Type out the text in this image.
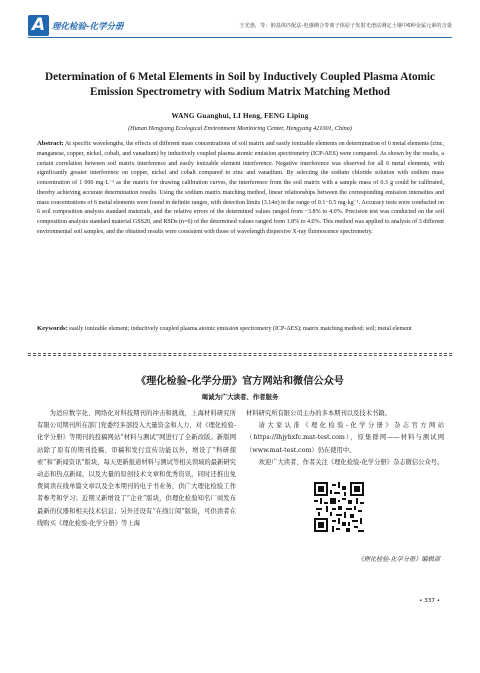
A 理化检验-化学分册	王光惠，等：钠基体匹配法-电感耦合等离子体原子发射光谱法测定土壤中6种金属元素的含量
Determination of 6 Metal Elements in Soil by Inductively Coupled Plasma Atomic Emission Spectrometry with Sodium Matrix Matching Method
WANG Guanghui, LI Heng, FENG Liping
(Hunan Hengyang Ecological Environment Monitoring Center, Hengyang 421001, China)
Abstract: At specific wavelengths, the effects of different mass concentrations of soil matrix and easily ionizable elements on determination of 6 metal elements (zinc, manganese, copper, nickel, cobalt, and vanadium) by inductively coupled plasma atomic emission spectrometry (ICP-AES) were compared. As shown by the results, a certain correlation between soil matrix interference and easily ionizable element interference. Negative interference was observed for all 6 metal elements, with significantly greater interference on copper, nickel and cobalt compared to zinc and vanadium. By selecting the sodium chloride solution with sodium mass concentration of 1 000 mg·L⁻¹ as the matrix for drawing calibration curves, the interference from the soil matrix with a sample mass of 0.3 g could be calibrated, thereby achieving accurate determination results. Using the sodium matrix matching method, linear relationships between the corresponding emission intensities and mass concentrations of 6 metal elements were found in definite ranges, with detection limits (3.14σ) in the range of 0.1−0.5 mg·kg⁻¹. Accuracy tests were conducted on 6 soil composition analysis standard materials, and the relative errors of the determined values ranged from −3.8% to 4.0%. Precision test was conducted on the soil composition analysis standard material GSS20, and RSDs (n=6) of the determined values ranged from 1.8% to 4.0%. This method was applied to analysis of 3 different environmental soil samples, and the obtained results were consistent with those of wavelength dispersive X-ray fluorescence spectrometry.
Keywords: easily ionizable element; inductively coupled plasma atomic emission spectrometry (ICP-AES); matrix matching method; soil; metal element
《理化检验-化学分册》官方网站和微信公众号
竭诚为广大读者、作者服务
为适应数字化、网络化对科技期刊的冲击和挑战，上海材料研究所有限公司期刊所在部门党委经多部投入大量资金和人力，对《理化检验-化学分册》等期刊的投稿网站“材料与测试”网进行了全新改版。新版网站除了原有的期刊投稿、审稿和发行宣传功能以外，增设了“科研探索”和“新闻资讯”版块，每天更新报道材料与测试等相关领域的最新研究动态和热点新闻，以及大量的原创技术文章和优秀资讯，同时还推出免费阅读在线单篇文章以及全本期刊的电子书业务，供广大理化检验工作者参考和学习；近期又新增设了“企业”版块，供理化检验知名厂商发布最新的仪器和相关技术信息；另外还设有“在线订阅”版块，可供读者在线购买《理化检验-化学分册》等上海
材料研究所有限公司主办的多本期刊以及技术书籍。

请大家认准《理化检验-化学分册》杂志官方网站（https://lhjyhxfc.mat-test.com），原集群网——材料与测试网（www.mat-test.com）仍在使用中。

欢迎广大读者、作者关注《理化检验-化学分册》杂志微信公众号。

《理化检验-化学分册》编辑部
• 337 •
